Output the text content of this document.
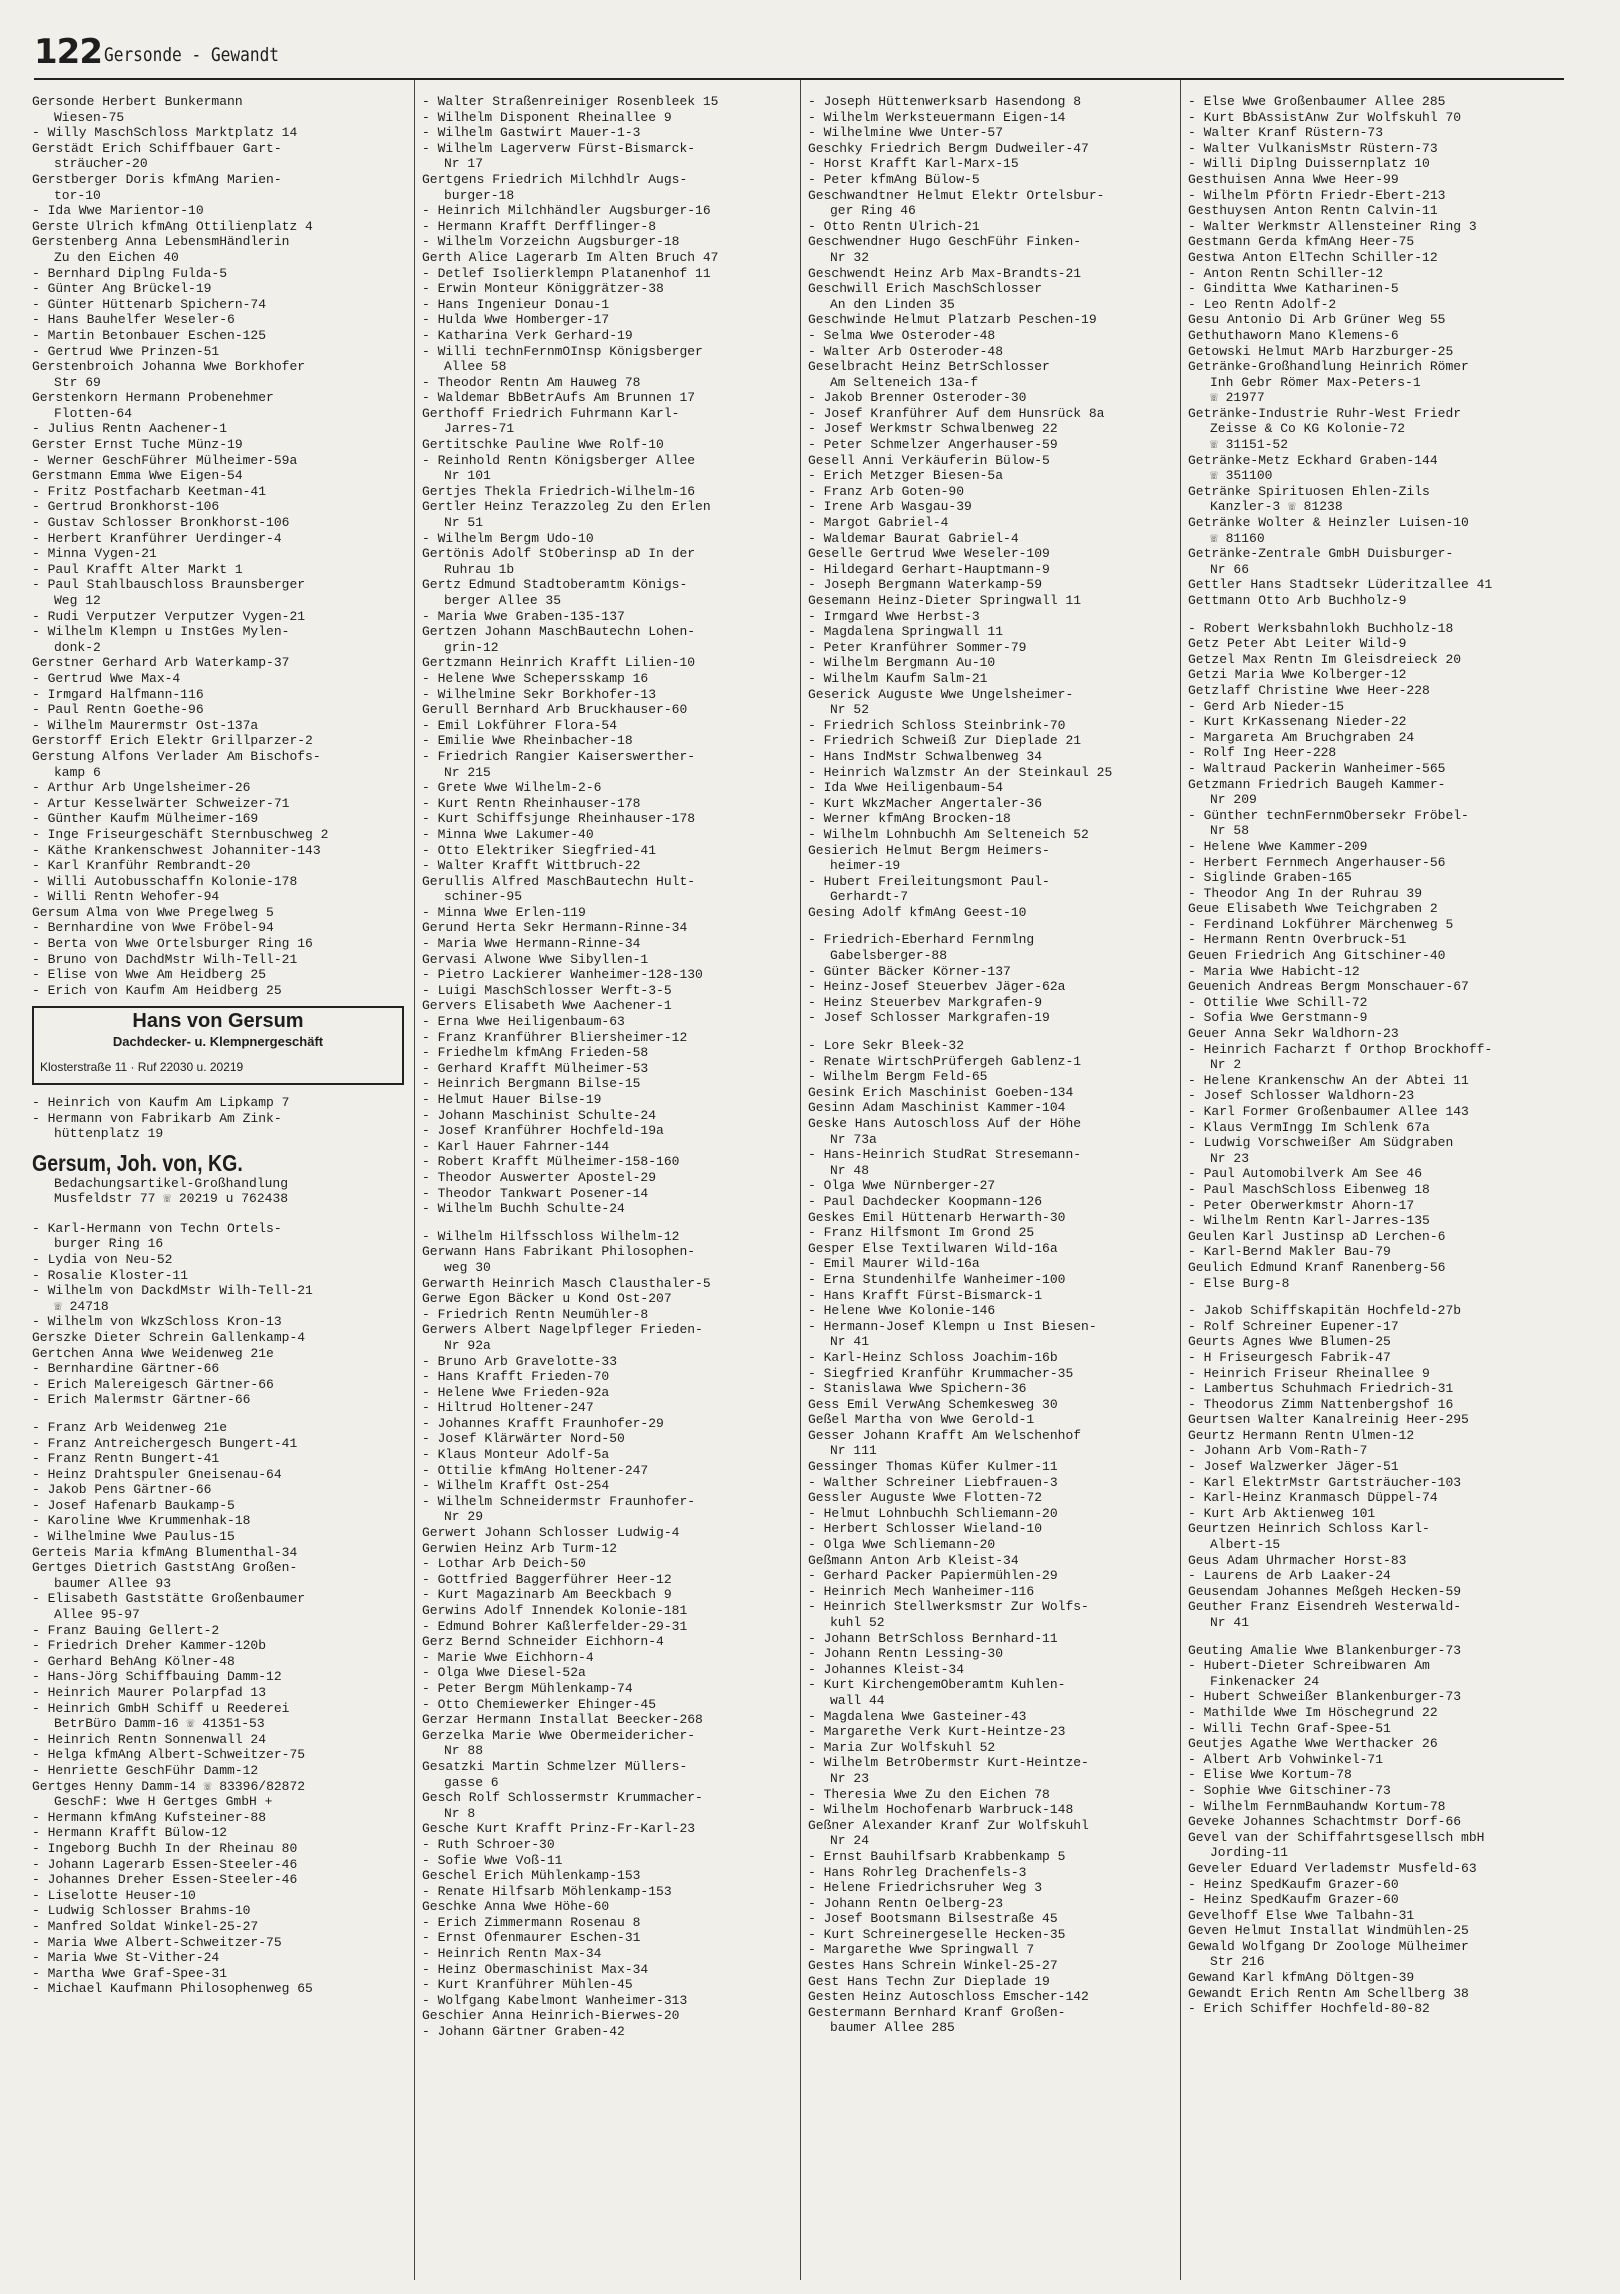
122 Gersonde - Gewandt
Gersonde Herbert Bunkermann
Wiesen-75
- Willy MaschSchloss Marktplatz 14
Gerstädt Erich Schiffbauer Gart-
sträucher-20
Gerstberger Doris kfmAng Marien-
tor-10
- Ida Wwe Marientor-10
Gerste Ulrich kfmAng Ottilienplatz 4
Gerstenberg Anna LebensmHändlerin
Zu den Eichen 40
- Bernhard Diplng Fulda-5
- Günter Ang Brückel-19
- Günter Hüttenarb Spichern-74
- Hans Bauhelfer Weseler-6
- Martin Betonbauer Eschen-125
- Gertrud Wwe Prinzen-51
Gerstenbroich Johanna Wwe Borkhofer
Str 69
Gerstenkorn Hermann Probenehmer
Flotten-64
- Julius Rentn Aachener-1
Gerster Ernst Tuche Münz-19
- Werner GeschFührer Mülheimer-59a
Gerstmann Emma Wwe Eigen-54
- Fritz Postfacharb Keetman-41
- Gertrud Bronkhorst-106
- Gustav Schlosser Bronkhorst-106
- Herbert Kranführer Uerdinger-4
- Minna Vygen-21
- Paul Krafft Alter Markt 1
- Paul Stahlbauschloss Braunsberger
Weg 12
- Rudi Verputzer Verputzer Vygen-21
- Wilhelm Klempn u InstGes Mylen-
donk-2
Gerstner Gerhard Arb Waterkamp-37
- Gertrud Wwe Max-4
- Irmgard Halfmann-116
- Paul Rentn Goethe-96
- Wilhelm Maurermstr Ost-137a
Gerstorff Erich Elektr Grillparzer-2
Gerstung Alfons Verlader Am Bischofs-
kamp 6
- Arthur Arb Ungelsheimer-26
- Artur Kesselwärter Schweizer-71
- Günther Kaufm Mülheimer-169
- Inge Friseurgeschäft Sternbuschweg 2
- Käthe Krankenschwest Johanniter-143
- Karl Kranführ Rembrandt-20
- Willi Autobusschaffn Kolonie-178
- Willi Rentn Wehofer-94
Gersum Alma von Wwe Pregelweg 5
- Bernhardine von Wwe Fröbel-94
- Berta von Wwe Ortelsburger Ring 16
- Bruno von DachdMstr Wilh-Tell-21
- Elise von Wwe Am Heidberg 25
- Erich von Kaufm Am Heidberg 25
Hans von Gersum
Dachdecker- u. Klempnergeschäft
Klosterstraße 11 · Ruf 22030 u. 20219
- Heinrich von Kaufm Am Lipkamp 7
- Hermann von Fabrikarb Am Zink-
hüttenplatz 19
Gersum, Joh. von, KG.
Bedachungsartikel-Großhandlung
Musfeldstr 77 ☏ 20219 u 762438
- Karl-Hermann von Techn Ortels-
burger Ring 16
- Lydia von Neu-52
- Rosalie Kloster-11
- Wilhelm von DackdMstr Wilh-Tell-21
☏ 24718
- Wilhelm von WkzSchloss Kron-13
Gerszke Dieter Schrein Gallenkamp-4
Gertchen Anna Wwe Weidenweg 21e
- Bernhardine Gärtner-66
- Erich Malereigesch Gärtner-66
- Erich Malermstr Gärtner-66
- Franz Arb Weidenweg 21e
- Franz Antreichergesch Bungert-41
- Franz Rentn Bungert-41
- Heinz Drahtspuler Gneisenau-64
- Jakob Pens Gärtner-66
- Josef Hafenarb Baukamp-5
- Karoline Wwe Krummenhak-18
- Wilhelmine Wwe Paulus-15
Gerteis Maria kfmAng Blumenthal-34
Gertges Dietrich GaststAng Großen-
baumer Allee 93
- Elisabeth Gaststätte Großenbaumer
Allee 95-97
- Franz Bauing Gellert-2
- Friedrich Dreher Kammer-120b
- Gerhard BehAng Kölner-48
- Hans-Jörg Schiffbauing Damm-12
- Heinrich Maurer Polarpfad 13
- Heinrich GmbH Schiff u Reederei
BetrBüro Damm-16 ☏ 41351-53
- Heinrich Rentn Sonnenwall 24
- Helga kfmAng Albert-Schweitzer-75
- Henriette GeschFühr Damm-12
Gertges Henny Damm-14 ☏ 83396/82872
GeschF: Wwe H Gertges GmbH +
- Hermann kfmAng Kufsteiner-88
- Hermann Krafft Bülow-12
- Ingeborg Buchh In der Rheinau 80
- Johann Lagerarb Essen-Steeler-46
- Johannes Dreher Essen-Steeler-46
- Liselotte Heuser-10
- Ludwig Schlosser Brahms-10
- Manfred Soldat Winkel-25-27
- Maria Wwe Albert-Schweitzer-75
- Maria Wwe St-Vither-24
- Martha Wwe Graf-Spee-31
- Michael Kaufmann Philosophenweg 65
- Walter Straßenreiniger Rosenbleek 15
- Wilhelm Disponent Rheinallee 9
- Wilhelm Gastwirt Mauer-1-3
- Wilhelm Lagerverw Fürst-Bismarck-
Nr 17
Gertgens Friedrich Milchhdlr Augs-
burger-18
- Heinrich Milchhändler Augsburger-16
- Hermann Krafft Derfflinger-8
- Wilhelm Vorzeichn Augsburger-18
Gerth Alice Lagerarb Im Alten Bruch 47
- Detlef Isolierklempn Platanenhof 11
- Erwin Monteur Königgrätzer-38
- Hans Ingenieur Donau-1
- Hulda Wwe Homberger-17
- Katharina Verk Gerhard-19
- Willi technFernmOInsp Königsberger
Allee 58
- Theodor Rentn Am Hauweg 78
- Waldemar BbBetrAufs Am Brunnen 17
Gerthoff Friedrich Fuhrmann Karl-
Jarres-71
Gertitschke Pauline Wwe Rolf-10
- Reinhold Rentn Königsberger Allee
Nr 101
Gertjes Thekla Friedrich-Wilhelm-16
Gertler Heinz Terazzoleg Zu den Erlen
Nr 51
- Wilhelm Bergm Udo-10
Gertönis Adolf StOberinsp aD In der
Ruhrau 1b
Gertz Edmund Stadtoberamtm Königs-
berger Allee 35
- Maria Wwe Graben-135-137
Gertzen Johann MaschBautechn Lohen-
grin-12
Gertzmann Heinrich Krafft Lilien-10
- Helene Wwe Schepersskamp 16
- Wilhelmine Sekr Borkhofer-13
Gerull Bernhard Arb Bruckhauser-60
- Emil Lokführer Flora-54
- Emilie Wwe Rheinbacher-18
- Friedrich Rangier Kaiserswerther-
Nr 215
- Grete Wwe Wilhelm-2-6
- Kurt Rentn Rheinhauser-178
- Kurt Schiffsjunge Rheinhauser-178
- Minna Wwe Lakumer-40
- Otto Elektriker Siegfried-41
- Walter Krafft Wittbruch-22
Gerullis Alfred MaschBautechn Hult-
schiner-95
- Minna Wwe Erlen-119
Gerund Herta Sekr Hermann-Rinne-34
- Maria Wwe Hermann-Rinne-34
Gervasi Alwone Wwe Sibyllen-1
- Pietro Lackierer Wanheimer-128-130
- Luigi MaschSchlosser Werft-3-5
Gervers Elisabeth Wwe Aachener-1
- Erna Wwe Heiligenbaum-63
- Franz Kranführer Bliersheimer-12
- Friedhelm kfmAng Frieden-58
- Gerhard Krafft Mülheimer-53
- Heinrich Bergmann Bilse-15
- Helmut Hauer Bilse-19
- Johann Maschinist Schulte-24
- Josef Kranführer Hochfeld-19a
- Karl Hauer Fahrner-144
- Robert Krafft Mülheimer-158-160
- Theodor Auswerter Apostel-29
- Theodor Tankwart Posener-14
- Wilhelm Buchh Schulte-24
- Wilhelm Hilfsschloss Wilhelm-12
Gerwann Hans Fabrikant Philosophen-
weg 30
Gerwarth Heinrich Masch Clausthaler-5
Gerwe Egon Bäcker u Kond Ost-207
- Friedrich Rentn Neumühler-8
Gerwers Albert Nagelpfleger Frieden-
Nr 92a
- Bruno Arb Gravelotte-33
- Hans Krafft Frieden-70
- Helene Wwe Frieden-92a
- Hiltrud Holtener-247
- Johannes Krafft Fraunhofer-29
- Josef Klärwärter Nord-50
- Klaus Monteur Adolf-5a
- Ottilie kfmAng Holtener-247
- Wilhelm Krafft Ost-254
- Wilhelm Schneidermstr Fraunhofer-
Nr 29
Gerwert Johann Schlosser Ludwig-4
Gerwien Heinz Arb Turm-12
- Lothar Arb Deich-50
- Gottfried Baggerführer Heer-12
- Kurt Magazinarb Am Beeckbach 9
Gerwins Adolf Innendek Kolonie-181
- Edmund Bohrer Kaßlerfelder-29-31
Gerz Bernd Schneider Eichhorn-4
- Marie Wwe Eichhorn-4
- Olga Wwe Diesel-52a
- Peter Bergm Mühlenkamp-74
- Otto Chemiewerker Ehinger-45
Gerzar Hermann Installat Beecker-268
Gerzelka Marie Wwe Obermeidericher-
Nr 88
Gesatzki Martin Schmelzer Müllers-
gasse 6
Gesch Rolf Schlossermstr Krummacher-
Nr 8
Gesche Kurt Krafft Prinz-Fr-Karl-23
- Ruth Schroer-30
- Sofie Wwe Voß-11
Geschel Erich Mühlenkamp-153
- Renate Hilfsarb Möhlenkamp-153
Geschke Anna Wwe Höhe-60
- Erich Zimmermann Rosenau 8
- Ernst Ofenmaurer Eschen-31
- Heinrich Rentn Max-34
- Heinz Obermaschinist Max-34
- Kurt Kranführer Mühlen-45
- Wolfgang Kabelmont Wanheimer-313
Geschier Anna Heinrich-Bierwes-20
- Johann Gärtner Graben-42
- Joseph Hüttenwerksarb Hasendong 8
- Wilhelm Werksteuermann Eigen-14
- Wilhelmine Wwe Unter-57
Geschky Friedrich Bergm Dudweiler-47
- Horst Krafft Karl-Marx-15
- Peter kfmAng Bülow-5
Geschwandtner Helmut Elektr Ortelsbur-
ger Ring 46
- Otto Rentn Ulrich-21
Geschwendner Hugo GeschFühr Finken-
Nr 32
Geschwendt Heinz Arb Max-Brandts-21
Geschwill Erich MaschSchlosser
An den Linden 35
Geschwinde Helmut Platzarb Peschen-19
- Selma Wwe Osteroder-48
- Walter Arb Osteroder-48
Geselbracht Heinz BetrSchlosser
Am Selteneich 13a-f
- Jakob Brenner Osteroder-30
- Josef Kranführer Auf dem Hunsrück 8a
- Josef Werkmstr Schwalbenweg 22
- Peter Schmelzer Angerhauser-59
Gesell Anni Verkäuferin Bülow-5
- Erich Metzger Biesen-5a
- Franz Arb Goten-90
- Irene Arb Wasgau-39
- Margot Gabriel-4
- Waldemar Baurat Gabriel-4
Geselle Gertrud Wwe Weseler-109
- Hildegard Gerhart-Hauptmann-9
- Joseph Bergmann Waterkamp-59
Gesemann Heinz-Dieter Springwall 11
- Irmgard Wwe Herbst-3
- Magdalena Springwall 11
- Peter Kranführer Sommer-79
- Wilhelm Bergmann Au-10
- Wilhelm Kaufm Salm-21
Geserick Auguste Wwe Ungelsheimer-
Nr 52
- Friedrich Schloss Steinbrink-70
- Friedrich Schweiß Zur Dieplade 21
- Hans IndMstr Schwalbenweg 34
- Heinrich Walzmstr An der Steinkaul 25
- Ida Wwe Heiligenbaum-54
- Kurt WkzMacher Angertaler-36
- Werner kfmAng Brocken-18
- Wilhelm Lohnbuchh Am Selteneich 52
Gesierich Helmut Bergm Heimers-
heimer-19
- Hubert Freileitungsmont Paul-
Gerhardt-7
Gesing Adolf kfmAng Geest-10
- Friedrich-Eberhard Fernmlng
Gabelsberger-88
- Günter Bäcker Körner-137
- Heinz-Josef Steuerbev Jäger-62a
- Heinz Steuerbev Markgrafen-9
- Josef Schlosser Markgrafen-19
- Lore Sekr Bleek-32
- Renate WirtschPrüfergeh Gablenz-1
- Wilhelm Bergm Feld-65
Gesink Erich Maschinist Goeben-134
Gesinn Adam Maschinist Kammer-104
Geske Hans Autoschloss Auf der Höhe
Nr 73a
- Hans-Heinrich StudRat Stresemann-
Nr 48
- Olga Wwe Nürnberger-27
- Paul Dachdecker Koopmann-126
Geskes Emil Hüttenarb Herwarth-30
- Franz Hilfsmont Im Grond 25
Gesper Else Textilwaren Wild-16a
- Emil Maurer Wild-16a
- Erna Stundenhilfe Wanheimer-100
- Hans Krafft Fürst-Bismarck-1
- Helene Wwe Kolonie-146
- Hermann-Josef Klempn u Inst Biesen-
Nr 41
- Karl-Heinz Schloss Joachim-16b
- Siegfried Kranführ Krummacher-35
- Stanislawa Wwe Spichern-36
Gess Emil VerwAng Schemkesweg 30
Geßel Martha von Wwe Gerold-1
Gesser Johann Krafft Am Welschenhof
Nr 111
Gessinger Thomas Küfer Kulmer-11
- Walther Schreiner Liebfrauen-3
Gessler Auguste Wwe Flotten-72
- Helmut Lohnbuchh Schliemann-20
- Herbert Schlosser Wieland-10
- Olga Wwe Schliemann-20
Geßmann Anton Arb Kleist-34
- Gerhard Packer Papiermühlen-29
- Heinrich Mech Wanheimer-116
- Heinrich Stellwerksmstr Zur Wolfs-
kuhl 52
- Johann BetrSchloss Bernhard-11
- Johann Rentn Lessing-30
- Johannes Kleist-34
- Kurt KirchengemOberamtm Kuhlen-
wall 44
- Magdalena Wwe Gasteiner-43
- Margarethe Verk Kurt-Heintze-23
- Maria Zur Wolfskuhl 52
- Wilhelm BetrObermstr Kurt-Heintze-
Nr 23
- Theresia Wwe Zu den Eichen 78
- Wilhelm Hochofenarb Warbruck-148
Geßner Alexander Kranf Zur Wolfskuhl
Nr 24
- Ernst Bauhilfsarb Krabbenkamp 5
- Hans Rohrleg Drachenfels-3
- Helene Friedrichsruher Weg 3
- Johann Rentn Oelberg-23
- Josef Bootsmann Bilsestraße 45
- Kurt Schreinergeselle Hecken-35
- Margarethe Wwe Springwall 7
Gestes Hans Schrein Winkel-25-27
Gest Hans Techn Zur Dieplade 19
Gesten Heinz Autoschloss Emscher-142
Gestermann Bernhard Kranf Großen-
baumer Allee 285
- Else Wwe Großenbaumer Allee 285
- Kurt BbAssistAnw Zur Wolfskuhl 70
- Walter Kranf Rüstern-73
- Walter VulkanisMstr Rüstern-73
- Willi Diplng Duissernplatz 10
Gesthuisen Anna Wwe Heer-99
- Wilhelm Pförtn Friedr-Ebert-213
Gesthuysen Anton Rentn Calvin-11
- Walter Werkmstr Allensteiner Ring 3
Gestmann Gerda kfmAng Heer-75
Gestwa Anton ElTechn Schiller-12
- Anton Rentn Schiller-12
- Ginditta Wwe Katharinen-5
- Leo Rentn Adolf-2
Gesu Antonio Di Arb Grüner Weg 55
Gethuthaworn Mano Klemens-6
Getowski Helmut MArb Harzburger-25
Getränke-Großhandlung Heinrich Römer
Inh Gebr Römer Max-Peters-1
☏ 21977
Getränke-Industrie Ruhr-West Friedr
Zeisse & Co KG Kolonie-72
☏ 31151-52
Getränke-Metz Eckhard Graben-144
☏ 351100
Getränke Spirituosen Ehlen-Zils
Kanzler-3 ☏ 81238
Getränke Wolter & Heinzler Luisen-10
☏ 81160
Getränke-Zentrale GmbH Duisburger-
Nr 66
Gettler Hans Stadtsekr Lüderitzallee 41
Gettmann Otto Arb Buchholz-9
- Robert Werksbahnlokh Buchholz-18
Getz Peter Abt Leiter Wild-9
Getzel Max Rentn Im Gleisdreieck 20
Getzi Maria Wwe Kolberger-12
Getzlaff Christine Wwe Heer-228
- Gerd Arb Nieder-15
- Kurt KrKassenang Nieder-22
- Margareta Am Bruchgraben 24
- Rolf Ing Heer-228
- Waltraud Packerin Wanheimer-565
Getzmann Friedrich Baugeh Kammer-
Nr 209
- Günther technFernmObersekr Fröbel-
Nr 58
- Helene Wwe Kammer-209
- Herbert Fernmech Angerhauser-56
- Siglinde Graben-165
- Theodor Ang In der Ruhrau 39
Geue Elisabeth Wwe Teichgraben 2
- Ferdinand Lokführer Märchenweg 5
- Hermann Rentn Overbruck-51
Geuen Friedrich Ang Gitschiner-40
- Maria Wwe Habicht-12
Geuenich Andreas Bergm Monschauer-67
- Ottilie Wwe Schill-72
- Sofia Wwe Gerstmann-9
Geuer Anna Sekr Waldhorn-23
- Heinrich Facharzt f Orthop Brockhoff-
Nr 2
- Helene Krankenschw An der Abtei 11
- Josef Schlosser Waldhorn-23
- Karl Former Großenbaumer Allee 143
- Klaus VermIngg Im Schlenk 67a
- Ludwig Vorschweißer Am Südgraben
Nr 23
- Paul Automobilverk Am See 46
- Paul MaschSchloss Eibenweg 18
- Peter Oberwerkmstr Ahorn-17
- Wilhelm Rentn Karl-Jarres-135
Geulen Karl Justinsp aD Lerchen-6
- Karl-Bernd Makler Bau-79
Geulich Edmund Kranf Ranenberg-56
- Else Burg-8
- Jakob Schiffskapitän Hochfeld-27b
- Rolf Schreiner Eupener-17
Geurts Agnes Wwe Blumen-25
- H Friseurgesch Fabrik-47
- Heinrich Friseur Rheinallee 9
- Lambertus Schuhmach Friedrich-31
- Theodorus Zimm Nattenbergshof 16
Geurtsen Walter Kanalreinig Heer-295
Geurtz Hermann Rentn Ulmen-12
- Johann Arb Vom-Rath-7
- Josef Walzwerker Jäger-51
- Karl ElektrMstr Gartsträucher-103
- Karl-Heinz Kranmasch Düppel-74
- Kurt Arb Aktienweg 101
Geurtzen Heinrich Schloss Karl-
Albert-15
Geus Adam Uhrmacher Horst-83
- Laurens de Arb Laaker-24
Geusendam Johannes Meßgeh Hecken-59
Geuther Franz Eisendreh Westerwald-
Nr 41
Geuting Amalie Wwe Blankenburger-73
- Hubert-Dieter Schreibwaren Am
Finkenacker 24
- Hubert Schweißer Blankenburger-73
- Mathilde Wwe Im Höschegrund 22
- Willi Techn Graf-Spee-51
Geutjes Agathe Wwe Werthacker 26
- Albert Arb Vohwinkel-71
- Elise Wwe Kortum-78
- Sophie Wwe Gitschiner-73
- Wilhelm FernmBauhandw Kortum-78
Geveke Johannes Schachtmstr Dorf-66
Gevel van der Schiffahrtsgesellsch mbH
Jording-11
Geveler Eduard Verlademstr Musfeld-63
- Heinz SpedKaufm Grazer-60
- Heinz SpedKaufm Grazer-60
Gevelhoff Else Wwe Talbahn-31
Geven Helmut Installat Windmühlen-25
Gewald Wolfgang Dr Zoologe Mülheimer
Str 216
Gewand Karl kfmAng Döltgen-39
Gewandt Erich Rentn Am Schellberg 38
- Erich Schiffer Hochfeld-80-82
